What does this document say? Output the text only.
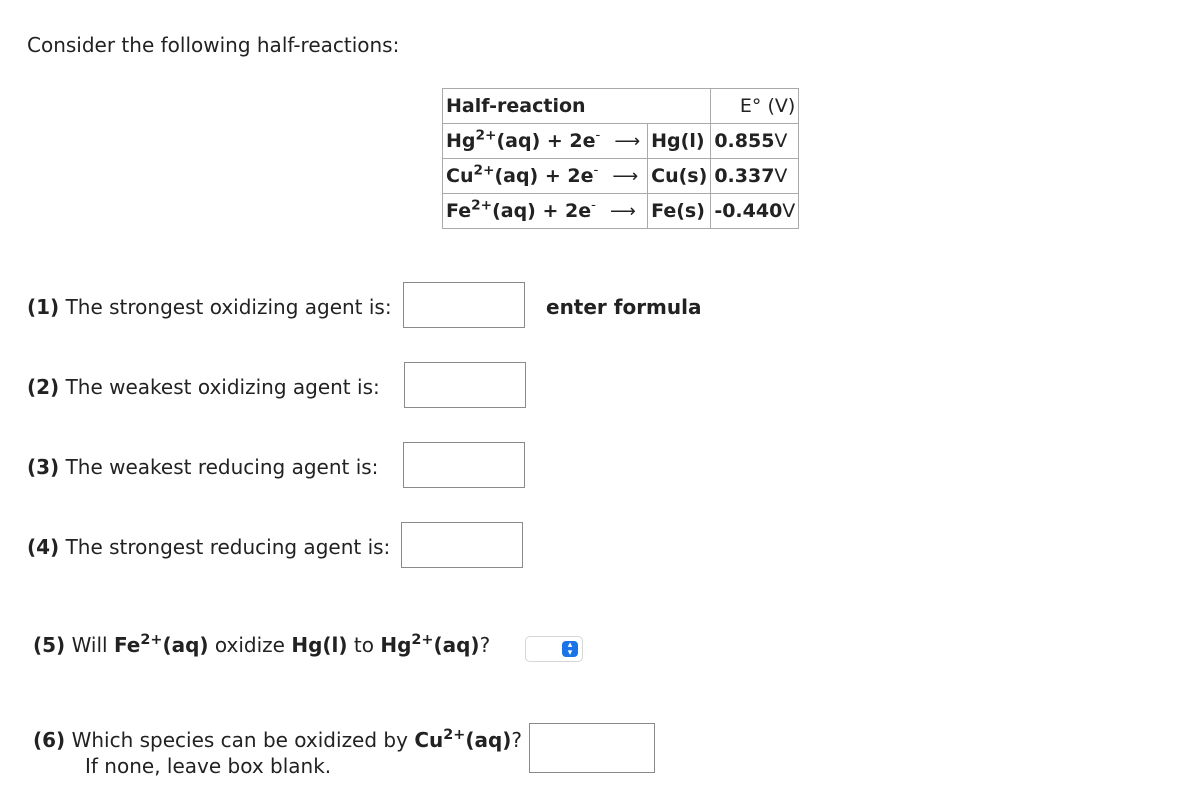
Consider the following half-reactions:
Half-reaction		E° (V)
$Hg^{2+}(aq) + 2e^-$ ⟶	Hg(l)	0.855V
$Cu^{2+}(aq) + 2e^-$ ⟶	Cu(s)	0.337V
$Fe^{2+}(aq) + 2e^-$ ⟶	Fe(s)	-0.440V
(1) The strongest oxidizing agent is:	enter formula
(2) The weakest oxidizing agent is:
(3) The weakest reducing agent is:
(4) The strongest reducing agent is:
(5) Will $Fe^{2+}(aq)$ oxidize Hg(l) to $Hg^{2+}(aq)$?	▴
▾
(6) Which species can be oxidized by $Cu^{2+}(aq)$?
If none, leave box blank.
